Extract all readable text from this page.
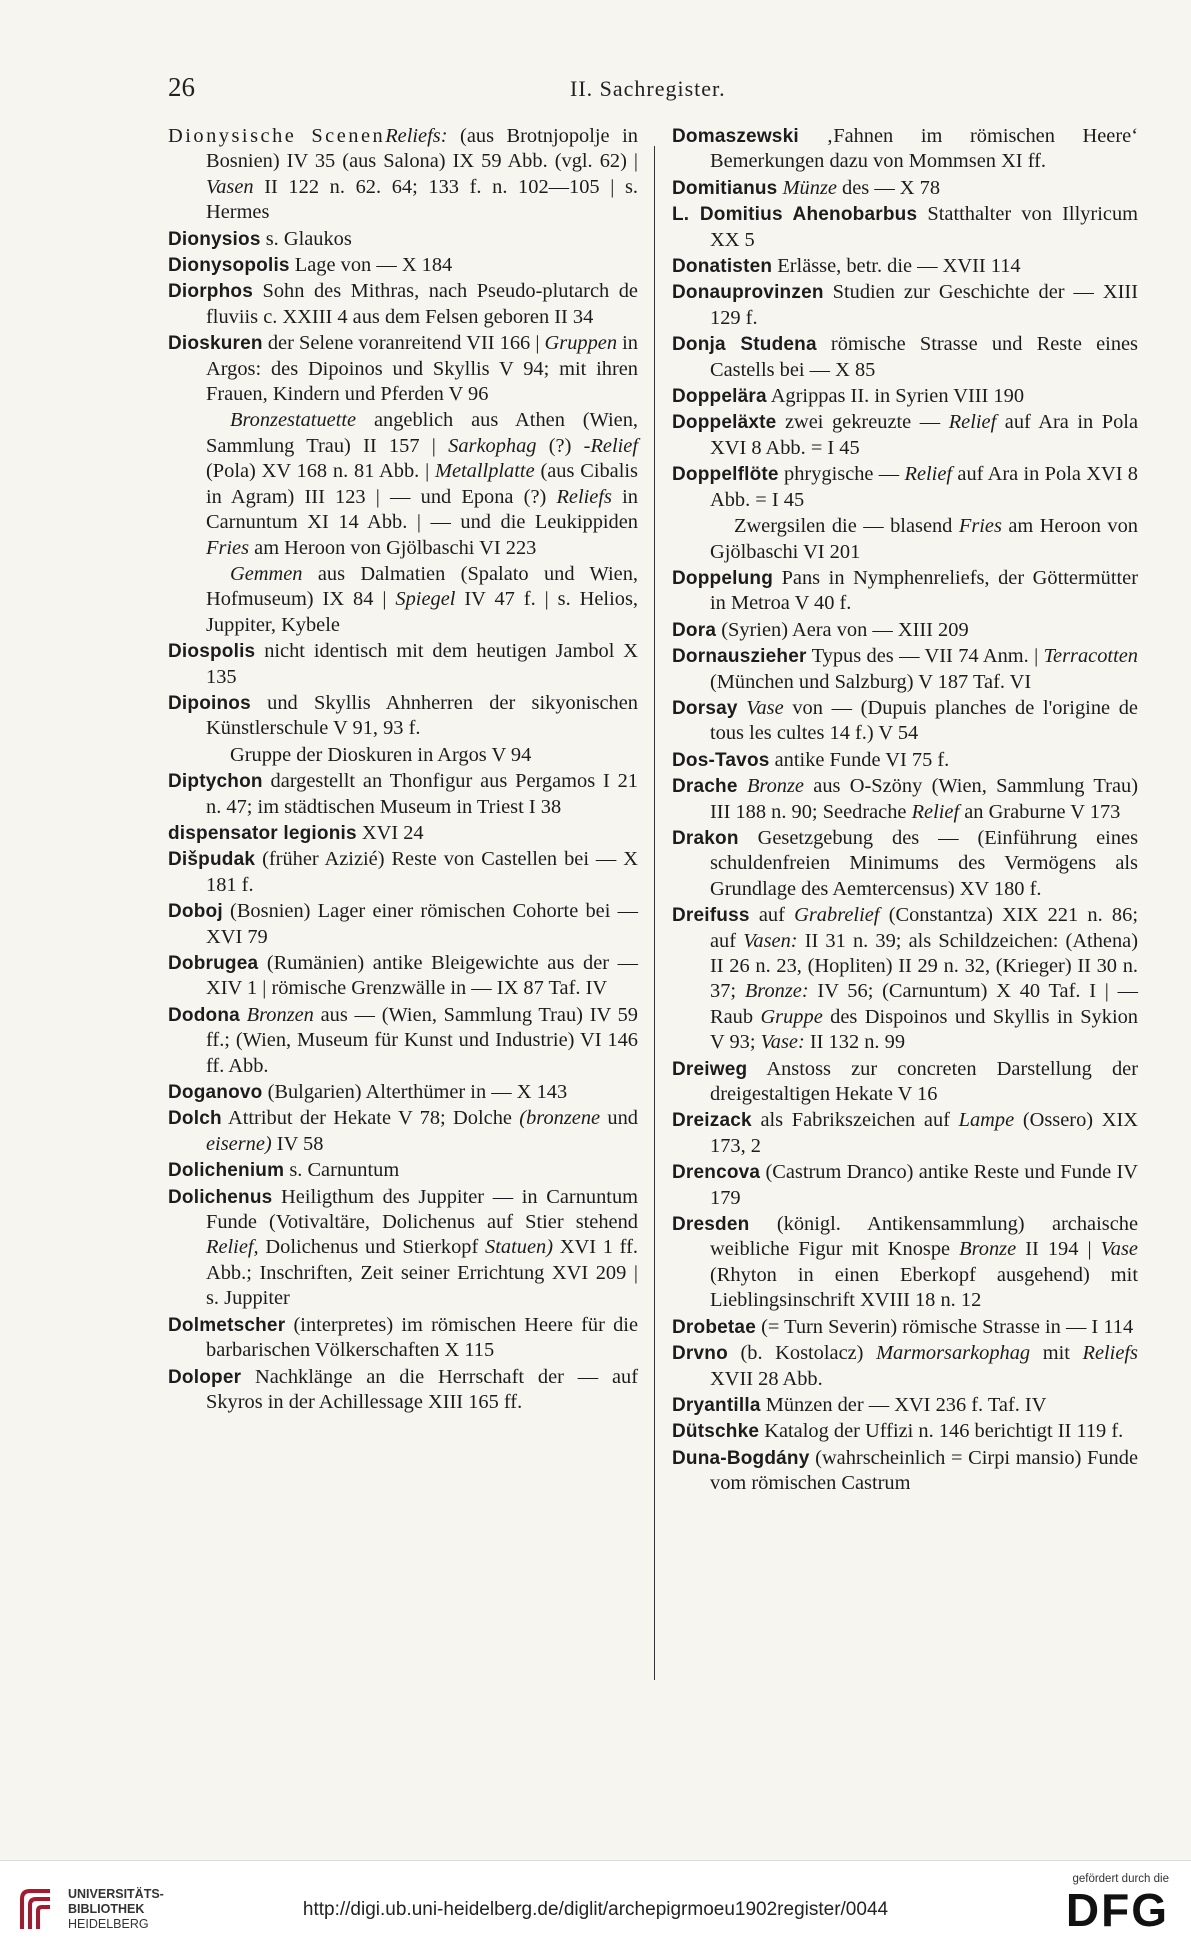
26	II. Sachregister.

Dionysische ScenenReliefs: (aus Brotnjopolje in Bosnien) IV 35 (aus Salona) IX 59 Abb. (vgl. 62) | Vasen II 122 n. 62. 64; 133 f. n. 102—105 | s. Hermes

Dionysios s. Glaukos

Dionysopolis Lage von — X 184

Diorphos Sohn des Mithras, nach Pseudo-plutarch de fluviis c. XXIII 4 aus dem Felsen geboren II 34

Dioskuren der Selene voranreitend VII 166 | Gruppen in Argos: des Dipoinos und Skyllis V 94; mit ihren Frauen, Kindern und Pferden V 96

Bronzestatuette angeblich aus Athen (Wien, Sammlung Trau) II 157 | Sarkophag (?) -Relief (Pola) XV 168 n. 81 Abb. | Metallplatte (aus Cibalis in Agram) III 123 | — und Epona (?) Reliefs in Carnuntum XI 14 Abb. | — und die Leukippiden Fries am Heroon von Gjölbaschi VI 223

Gemmen aus Dalmatien (Spalato und Wien, Hofmuseum) IX 84 | Spiegel IV 47 f. | s. Helios, Juppiter, Kybele

Diospolis nicht identisch mit dem heutigen Jambol X 135

Dipoinos und Skyllis Ahnherren der sikyonischen Künstlerschule V 91, 93 f.

Gruppe der Dioskuren in Argos V 94

Diptychon dargestellt an Thonfigur aus Pergamos I 21 n. 47; im städtischen Museum in Triest I 38

dispensator legionis XVI 24

Dišpudak (früher Azizié) Reste von Castellen bei — X 181 f.

Doboj (Bosnien) Lager einer römischen Cohorte bei — XVI 79

Dobrugea (Rumänien) antike Bleigewichte aus der — XIV 1 | römische Grenzwälle in — IX 87 Taf. IV

Dodona Bronzen aus — (Wien, Sammlung Trau) IV 59 ff.; (Wien, Museum für Kunst und Industrie) VI 146 ff. Abb.

Doganovo (Bulgarien) Alterthümer in — X 143

Dolch Attribut der Hekate V 78; Dolche (bronzene und eiserne) IV 58

Dolichenium s. Carnuntum

Dolichenus Heiligthum des Juppiter — in Carnuntum Funde (Votivaltäre, Dolichenus auf Stier stehend Relief, Dolichenus und Stierkopf Statuen) XVI 1 ff. Abb.; Inschriften, Zeit seiner Errichtung XVI 209 | s. Juppiter

Dolmetscher (interpretes) im römischen Heere für die barbarischen Völkerschaften X 115

Doloper Nachklänge an die Herrschaft der — auf Skyros in der Achillessage XIII 165 ff.

Domaszewski ‚Fahnen im römischen Heere‘ Bemerkungen dazu von Mommsen XI ff.

Domitianus Münze des — X 78

L. Domitius Ahenobarbus Statthalter von Illyricum XX 5

Donatisten Erlässe, betr. die — XVII 114

Donauprovinzen Studien zur Geschichte der — XIII 129 f.

Donja Studena römische Strasse und Reste eines Castells bei — X 85

Doppelära Agrippas II. in Syrien VIII 190

Doppeläxte zwei gekreuzte — Relief auf Ara in Pola XVI 8 Abb. = I 45

Doppelflöte phrygische — Relief auf Ara in Pola XVI 8 Abb. = I 45

Zwergsilen die — blasend Fries am Heroon von Gjölbaschi VI 201

Doppelung Pans in Nymphenreliefs, der Göttermütter in Metroa V 40 f.

Dora (Syrien) Aera von — XIII 209

Dornauszieher Typus des — VII 74 Anm. | Terracotten (München und Salzburg) V 187 Taf. VI

Dorsay Vase von — (Dupuis planches de l'origine de tous les cultes 14 f.) V 54

Dos-Tavos antike Funde VI 75 f.

Drache Bronze aus O-Szöny (Wien, Sammlung Trau) III 188 n. 90; Seedrache Relief an Graburne V 173

Drakon Gesetzgebung des — (Einführung eines schuldenfreien Minimums des Vermögens als Grundlage des Aemtercensus) XV 180 f.

Dreifuss auf Grabrelief (Constantza) XIX 221 n. 86; auf Vasen: II 31 n. 39; als Schildzeichen: (Athena) II 26 n. 23, (Hopliten) II 29 n. 32, (Krieger) II 30 n. 37; Bronze: IV 56; (Carnuntum) X 40 Taf. I | — Raub Gruppe des Dispoinos und Skyllis in Sykion V 93; Vase: II 132 n. 99

Dreiweg Anstoss zur concreten Darstellung der dreigestaltigen Hekate V 16

Dreizack als Fabrikszeichen auf Lampe (Ossero) XIX 173, 2

Drencova (Castrum Dranco) antike Reste und Funde IV 179

Dresden (königl. Antikensammlung) archaische weibliche Figur mit Knospe Bronze II 194 | Vase (Rhyton in einen Eberkopf ausgehend) mit Lieblingsinschrift XVIII 18 n. 12

Drobetae (= Turn Severin) römische Strasse in — I 114

Drvno (b. Kostolacz) Marmorsarkophag mit Reliefs XVII 28 Abb.

Dryantilla Münzen der — XVI 236 f. Taf. IV

Dütschke Katalog der Uffizi n. 146 berichtigt II 119 f.

Duna-Bogdány (wahrscheinlich = Cirpi mansio) Funde vom römischen Castrum

UNIVERSITÄTS-
BIBLIOTHEK
HEIDELBERG
http://digi.ub.uni-heidelberg.de/diglit/archepigrmoeu1902register/0044
gefördert durch die
DFG
